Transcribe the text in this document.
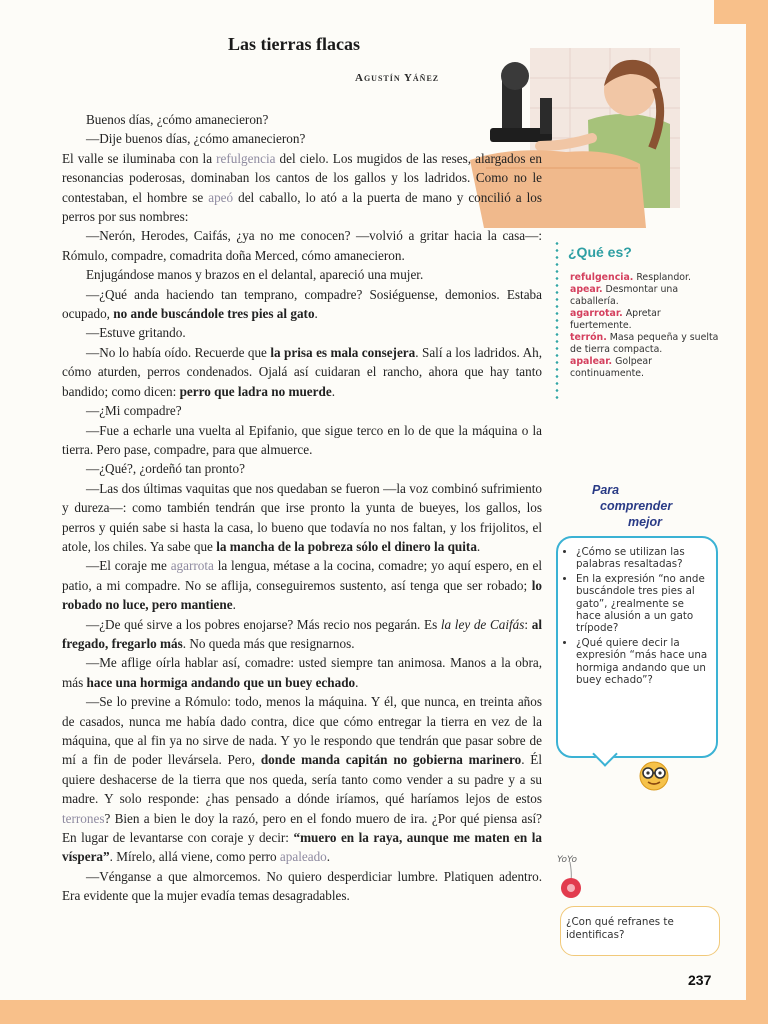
Las tierras flacas
Agustín Yáñez

Buenos días, ¿cómo amanecieron?

—Dije buenos días, ¿cómo amanecieron?

El valle se iluminaba con la refulgencia del cielo. Los mugidos de las reses, alargados en resonancias poderosas, dominaban los cantos de los gallos y los ladridos. Como no le contestaban, el hombre se apeó del caballo, lo ató a la puerta de mano y concilió a los perros por sus nombres:

—Nerón, Herodes, Caifás, ¿ya no me conocen? —volvió a gritar hacia la casa—: Rómulo, compadre, comadrita doña Merced, cómo amanecieron.

Enjugándose manos y brazos en el delantal, apareció una mujer.

—¿Qué anda haciendo tan temprano, compadre? Sosiéguense, demonios. Estaba ocupado, no ande buscándole tres pies al gato.

—Estuve gritando.

—No lo había oído. Recuerde que la prisa es mala consejera. Salí a los ladridos. Ah, cómo aturden, perros condenados. Ojalá así cuidaran el rancho, ahora que hay tanto bandido; como dicen: perro que ladra no muerde.

—¿Mi compadre?

—Fue a echarle una vuelta al Epifanio, que sigue terco en lo de que la máquina o la tierra. Pero pase, compadre, para que almuerce.

—¿Qué?, ¿ordeñó tan pronto?

—Las dos últimas vaquitas que nos quedaban se fueron —la voz combinó sufrimiento y dureza—: como también tendrán que irse pronto la yunta de bueyes, los gallos, los perros y quién sabe si hasta la casa, lo bueno que todavía no nos faltan, y los frijolitos, el atole, los chiles. Ya sabe que la mancha de la pobreza sólo el dinero la quita.

—El coraje me agarrota la lengua, métase a la cocina, comadre; yo aquí espero, en el patio, a mi compadre. No se aflija, conseguiremos sustento, así tenga que ser robado; lo robado no luce, pero mantiene.

—¿De qué sirve a los pobres enojarse? Más recio nos pegarán. Es la ley de Caifás: al fregado, fregarlo más. No queda más que resignarnos.

—Me aflige oírla hablar así, comadre: usted siempre tan animosa. Manos a la obra, más hace una hormiga andando que un buey echado.

—Se lo previne a Rómulo: todo, menos la máquina. Y él, que nunca, en treinta años de casados, nunca me había dado contra, dice que cómo entregar la tierra en vez de la máquina, que al fin ya no sirve de nada. Y yo le respondo que tendrán que pasar sobre de mí a fin de poder llevársela. Pero, donde manda capitán no gobierna marinero. Él quiere deshacerse de la tierra que nos queda, sería tanto como vender a su padre y a su madre. Y solo responde: ¿has pensado a dónde iríamos, qué haríamos lejos de estos terrones? Bien a bien le doy la razó, pero en el fondo muero de ira. ¿Por qué piensa así? En lugar de levantarse con coraje y decir: “muero en la raya, aunque me maten en la víspera”. Mírelo, allá viene, como perro apaleado.

—Vénganse a que almorcemos. No quiero desperdiciar lumbre. Platiquen adentro. Era evidente que la mujer evadía temas desagradables.

¿Qué es?
refulgencia. Resplandor.
apear. Desmontar una caballería.
agarrotar. Apretar fuertemente.
terrón. Masa pequeña y suelta de tierra compacta.
apalear. Golpear continuamente.
Para
comprender
mejor
• ¿Cómo se utilizan las palabras resaltadas?
• En la expresión “no ande buscándole tres pies al gato”, ¿realmente se hace alusión a un gato trípode?
• ¿Qué quiere decir la expresión “más hace una hormiga andando que un buey echado”?
YoYo
¿Con qué refranes te identificas?
237
